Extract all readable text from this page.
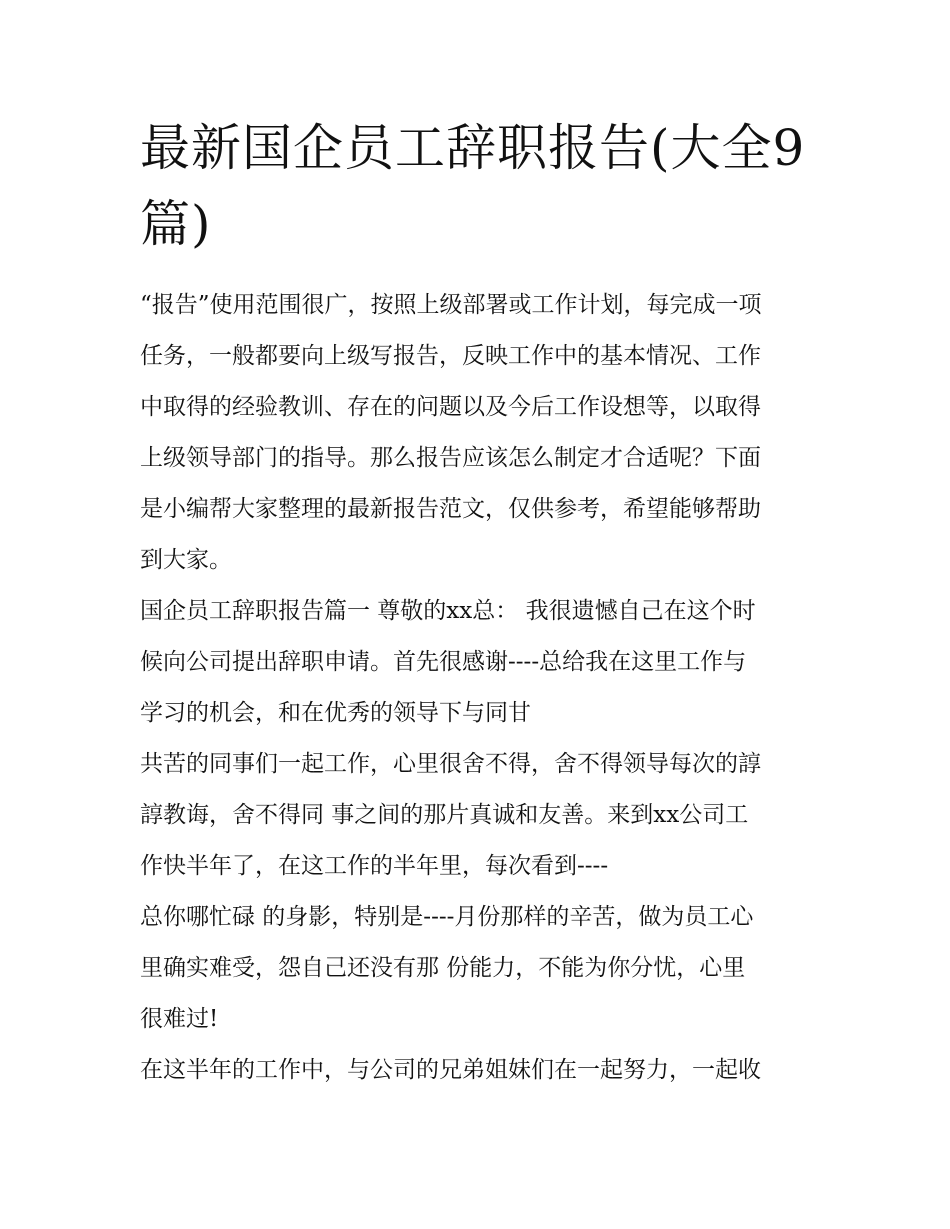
最新国企员工辞职报告(大全9篇)
“报告”使用范围很广，按照上级部署或工作计划，每完成一项
任务，一般都要向上级写报告，反映工作中的基本情况、工作
中取得的经验教训、存在的问题以及今后工作设想等，以取得
上级领导部门的指导。那么报告应该怎么制定才合适呢？下面
是小编帮大家整理的最新报告范文，仅供参考，希望能够帮助
到大家。
国企员工辞职报告篇一 尊敬的xx总： 我很遗憾自己在这个时
候向公司提出辞职申请。首先很感谢----总给我在这里工作与
学习的机会，和在优秀的领导下与同甘
共苦的同事们一起工作，心里很舍不得，舍不得领导每次的諄
諄教诲，舍不得同 事之间的那片真诚和友善。来到xx公司工
作快半年了，在这工作的半年里，每次看到----
总你哪忙碌 的身影，特别是----月份那样的辛苦，做为员工心
里确实难受，怨自己还没有那 份能力，不能为你分忧，心里
很难过!
在这半年的工作中，与公司的兄弟姐妹们在一起努力，一起收
